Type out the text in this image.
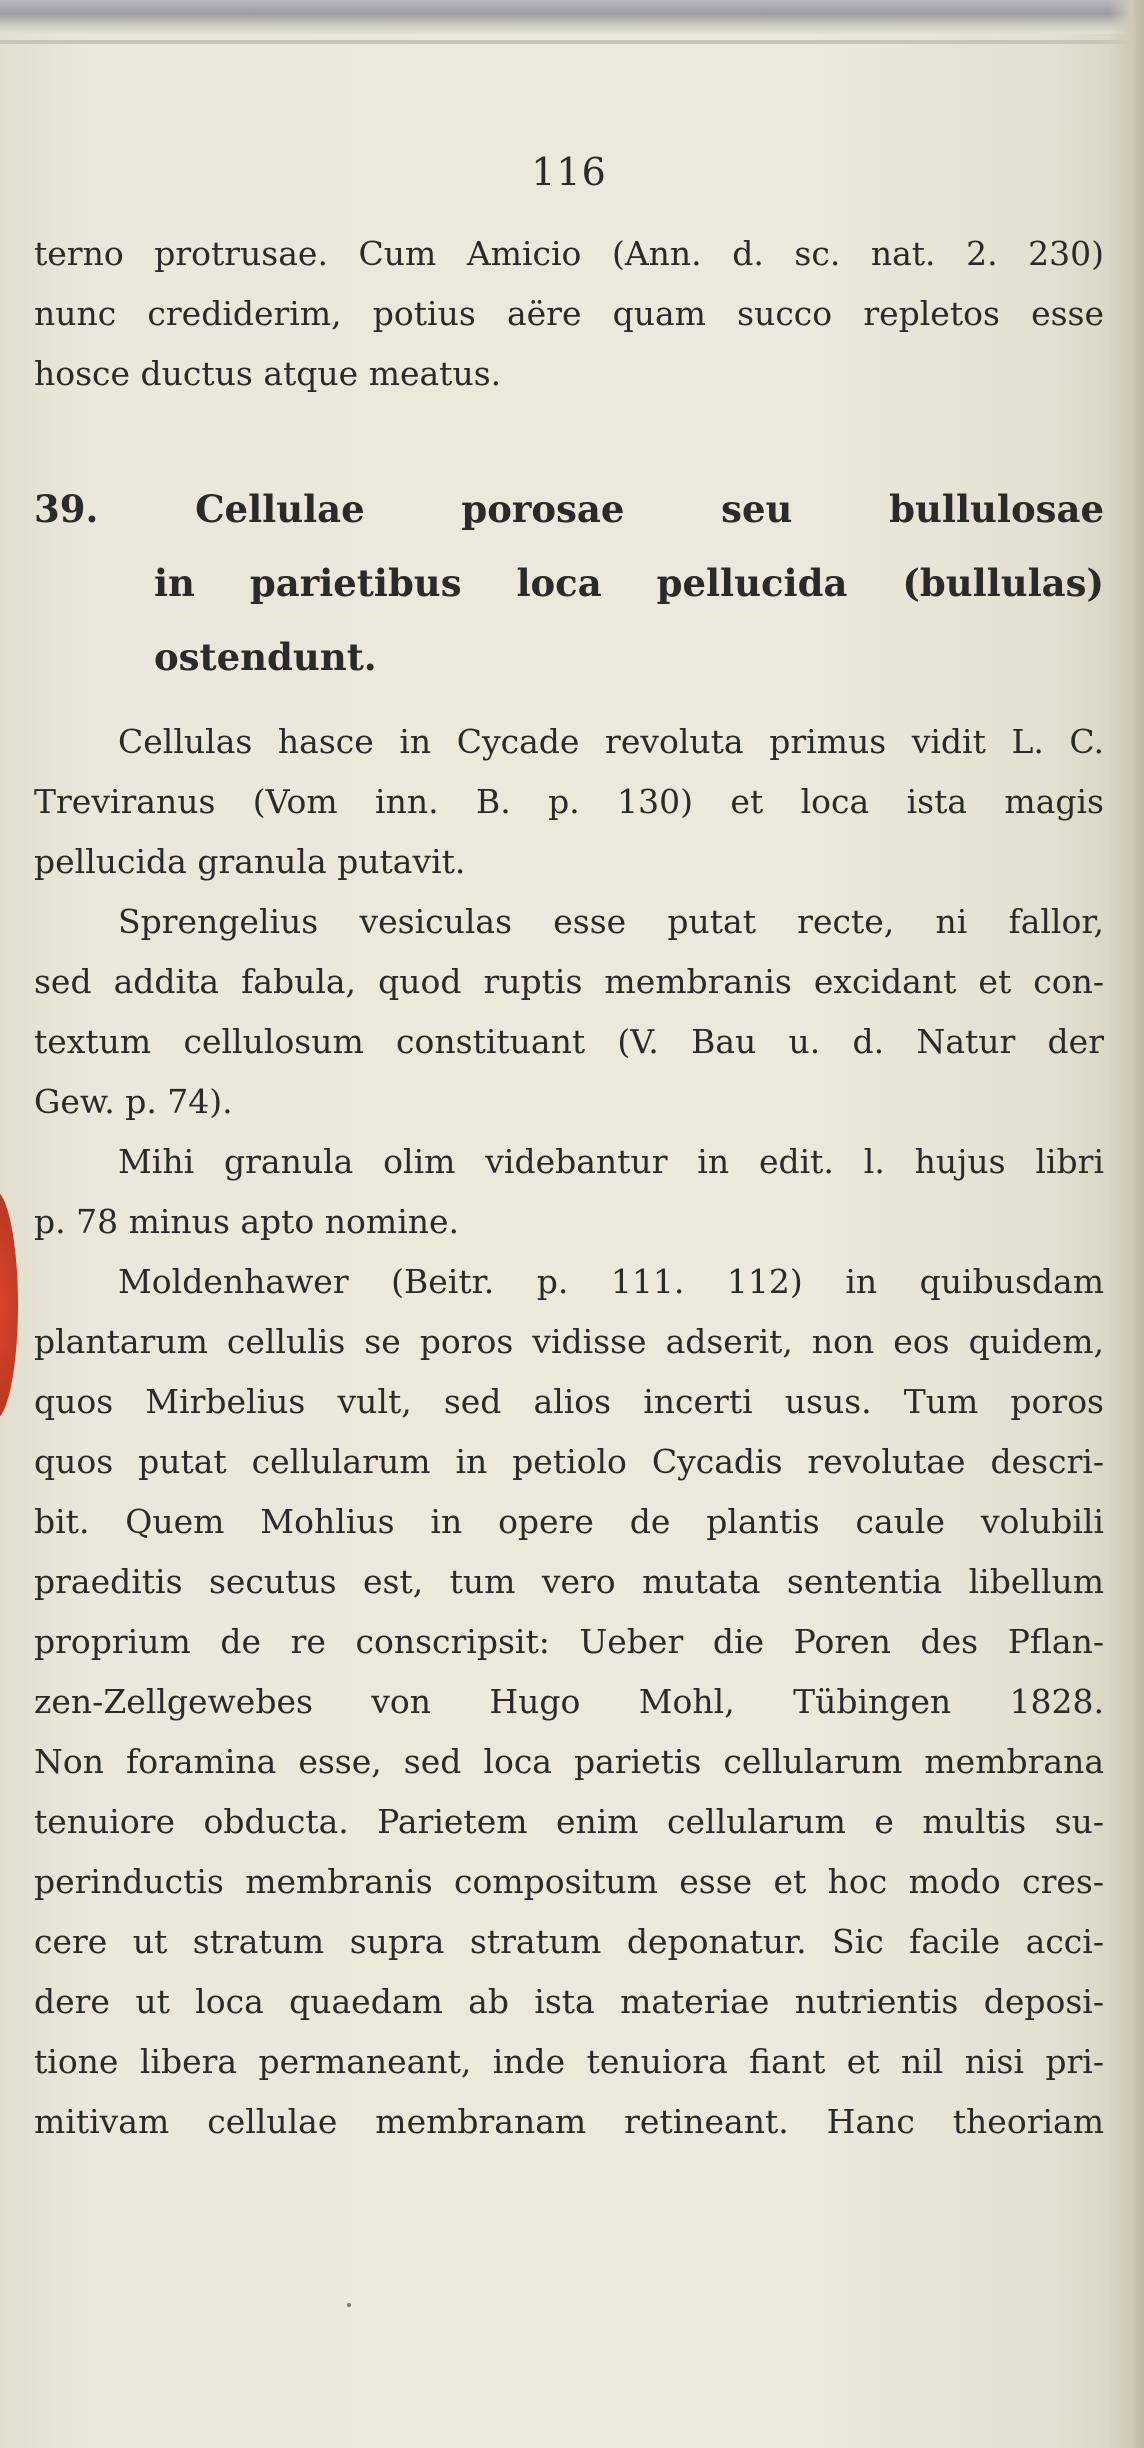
116
terno protrusae. Cum Amicio (Ann. d. sc. nat. 2. 230)
nunc crediderim, potius aëre quam succo repletos esse
hosce ductus atque meatus.
39.	Cellulae porosae seu bullulosae
in parietibus loca pellucida (bullulas)
ostendunt.
Cellulas hasce in Cycade revoluta primus vidit L. C.
Treviranus (Vom inn. B. p. 130) et loca ista magis
pellucida granula putavit.
Sprengelius vesiculas esse putat recte, ni fallor,
sed addita fabula, quod ruptis membranis excidant et con-
textum cellulosum constituant (V. Bau u. d. Natur der
Gew. p. 74).
Mihi granula olim videbantur in edit. l. hujus libri
p. 78 minus apto nomine.
Moldenhawer (Beitr. p. 111. 112) in quibusdam
plantarum cellulis se poros vidisse adserit, non eos quidem,
quos Mirbelius vult, sed alios incerti usus. Tum poros
quos putat cellularum in petiolo Cycadis revolutae descri-
bit. Quem Mohlius in opere de plantis caule volubili
praeditis secutus est, tum vero mutata sententia libellum
proprium de re conscripsit: Ueber die Poren des Pflan-
zen-Zellgewebes von Hugo Mohl, Tübingen 1828.
Non foramina esse, sed loca parietis cellularum membrana
tenuiore obducta. Parietem enim cellularum e multis su-
perinductis membranis compositum esse et hoc modo cres-
cere ut stratum supra stratum deponatur. Sic facile acci-
dere ut loca quaedam ab ista materiae nutrientis deposi-
tione libera permaneant, inde tenuiora fiant et nil nisi pri-
mitivam cellulae membranam retineant. Hanc theoriam
